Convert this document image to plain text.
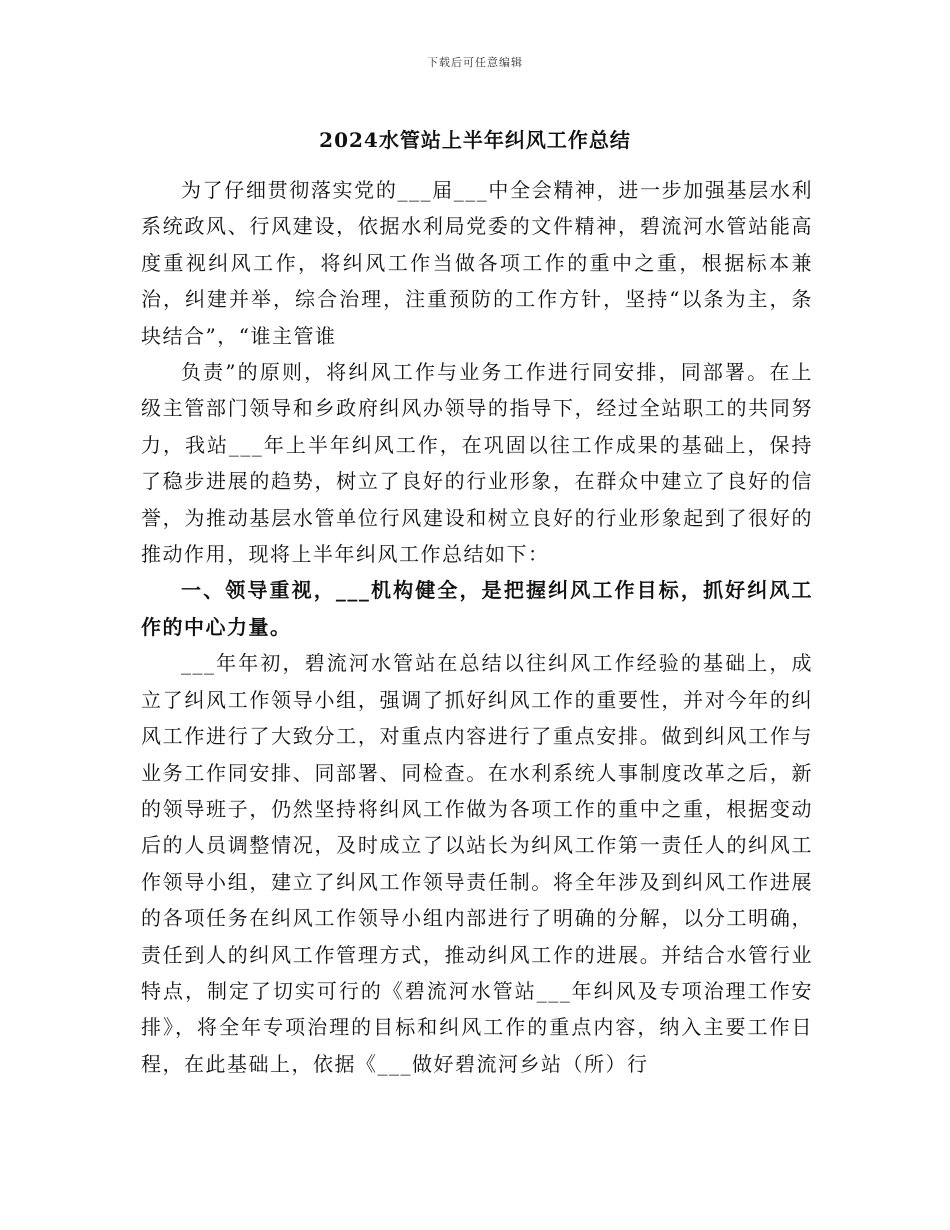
下载后可任意编辑
2024水管站上半年纠风工作总结

为了仔细贯彻落实党的___届___中全会精神，进一步加强基层水利系统政风、行风建设，依据水利局党委的文件精神，碧流河水管站能高度重视纠风工作，将纠风工作当做各项工作的重中之重，根据标本兼治，纠建并举，综合治理，注重预防的工作方针，坚持“以条为主，条块结合”，“谁主管谁

负责”的原则，将纠风工作与业务工作进行同安排，同部署。在上级主管部门领导和乡政府纠风办领导的指导下，经过全站职工的共同努力，我站___年上半年纠风工作，在巩固以往工作成果的基础上，保持了稳步进展的趋势，树立了良好的行业形象，在群众中建立了良好的信誉，为推动基层水管单位行风建设和树立良好的行业形象起到了很好的推动作用，现将上半年纠风工作总结如下：

一、领导重视，___机构健全，是把握纠风工作目标，抓好纠风工作的中心力量。

___年年初，碧流河水管站在总结以往纠风工作经验的基础上，成立了纠风工作领导小组，强调了抓好纠风工作的重要性，并对今年的纠风工作进行了大致分工，对重点内容进行了重点安排。做到纠风工作与业务工作同安排、同部署、同检查。在水利系统人事制度改革之后，新的领导班子，仍然坚持将纠风工作做为各项工作的重中之重，根据变动后的人员调整情况，及时成立了以站长为纠风工作第一责任人的纠风工作领导小组，建立了纠风工作领导责任制。将全年涉及到纠风工作进展的各项任务在纠风工作领导小组内部进行了明确的分解，以分工明确，责任到人的纠风工作管理方式，推动纠风工作的进展。并结合水管行业特点，制定了切实可行的《碧流河水管站___年纠风及专项治理工作安排》，将全年专项治理的目标和纠风工作的重点内容，纳入主要工作日程，在此基础上，依据《___做好碧流河乡站（所）行
